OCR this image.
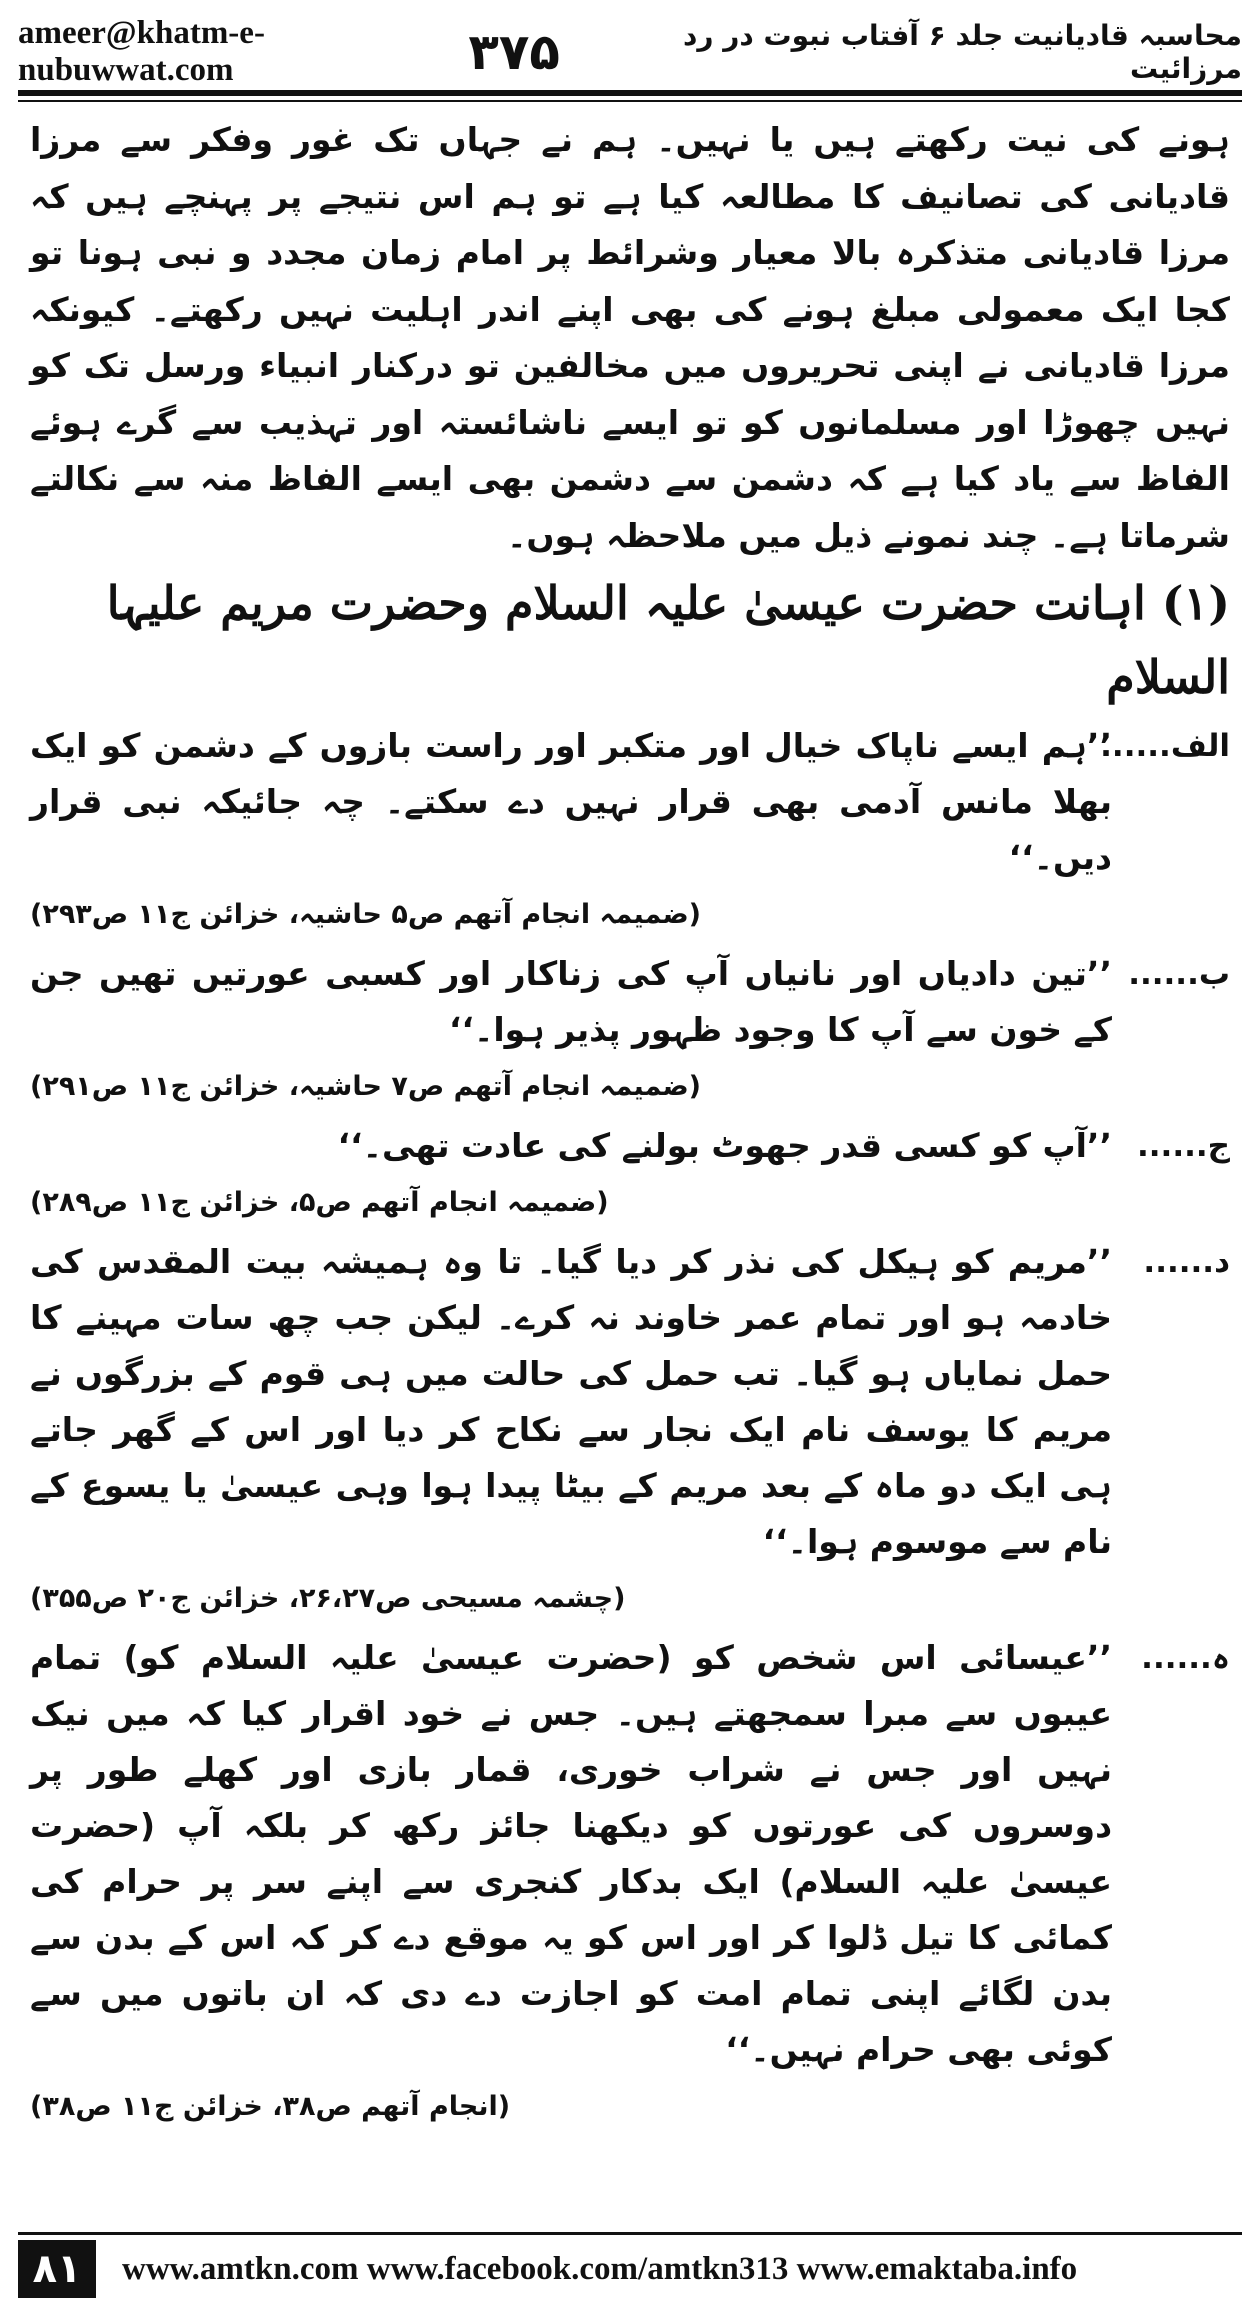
ameer@khatm-e-nubuwwat.com
محاسبہ قادیانیت جلد ۶ آفتاب نبوت در رد مرزائیت
۳۷۵

ہونے کی نیت رکھتے ہیں یا نہیں۔ ہم نے جہاں تک غور وفکر سے مرزا قادیانی کی تصانیف کا مطالعہ کیا ہے تو ہم اس نتیجے پر پہنچے ہیں کہ مرزا قادیانی متذکرہ بالا معیار وشرائط پر امام زمان مجدد و نبی ہونا تو کجا ایک معمولی مبلغ ہونے کی بھی اپنے اندر اہلیت نہیں رکھتے۔ کیونکہ مرزا قادیانی نے اپنی تحریروں میں مخالفین تو درکنار انبیاء ورسل تک کو نہیں چھوڑا اور مسلمانوں کو تو ایسے ناشائستہ اور تہذیب سے گرے ہوئے الفاظ سے یاد کیا ہے کہ دشمن سے دشمن بھی ایسے الفاظ منہ سے نکالتے شرماتا ہے۔ چند نمونے ذیل میں ملاحظہ ہوں۔

(۱) اہانت حضرت عیسیٰ علیہ السلام وحضرت مریم علیہا السلام
الف......
’’ہم ایسے ناپاک خیال اور متکبر اور راست بازوں کے دشمن کو ایک بھلا مانس آدمی بھی قرار نہیں دے سکتے۔ چہ جائیکہ نبی قرار دیں۔‘‘
(ضمیمہ انجام آتھم ص۵ حاشیہ، خزائن ج۱۱ ص۲۹۳)
ب......
’’تین دادیاں اور نانیاں آپ کی زناکار اور کسبی عورتیں تھیں جن کے خون سے آپ کا وجود ظہور پذیر ہوا۔‘‘
(ضمیمہ انجام آتھم ص۷ حاشیہ، خزائن ج۱۱ ص۲۹۱)
ج......
’’آپ کو کسی قدر جھوٹ بولنے کی عادت تھی۔‘‘
(ضمیمہ انجام آتھم ص۵، خزائن ج۱۱ ص۲۸۹)
د......
’’مریم کو ہیکل کی نذر کر دیا گیا۔ تا وہ ہمیشہ بیت المقدس کی خادمہ ہو اور تمام عمر خاوند نہ کرے۔ لیکن جب چھ سات مہینے کا حمل نمایاں ہو گیا۔ تب حمل کی حالت میں ہی قوم کے بزرگوں نے مریم کا یوسف نام ایک نجار سے نکاح کر دیا اور اس کے گھر جاتے ہی ایک دو ماہ کے بعد مریم کے بیٹا پیدا ہوا وہی عیسیٰ یا یسوع کے نام سے موسوم ہوا۔‘‘
(چشمہ مسیحی ص۲۶،۲۷، خزائن ج۲۰ ص۳۵۵)
ہ......
’’عیسائی اس شخص کو (حضرت عیسیٰ علیہ السلام کو) تمام عیبوں سے مبرا سمجھتے ہیں۔ جس نے خود اقرار کیا کہ میں نیک نہیں اور جس نے شراب خوری، قمار بازی اور کھلے طور پر دوسروں کی عورتوں کو دیکھنا جائز رکھ کر بلکہ آپ (حضرت عیسیٰ علیہ السلام) ایک بدکار کنجری سے اپنے سر پر حرام کی کمائی کا تیل ڈلوا کر اور اس کو یہ موقع دے کر کہ اس کے بدن سے بدن لگائے اپنی تمام امت کو اجازت دے دی کہ ان باتوں میں سے کوئی بھی حرام نہیں۔‘‘
(انجام آتھم ص۳۸، خزائن ج۱۱ ص۳۸)
۸۱	www.amtkn.com www.facebook.com/amtkn313 www.emaktaba.info
